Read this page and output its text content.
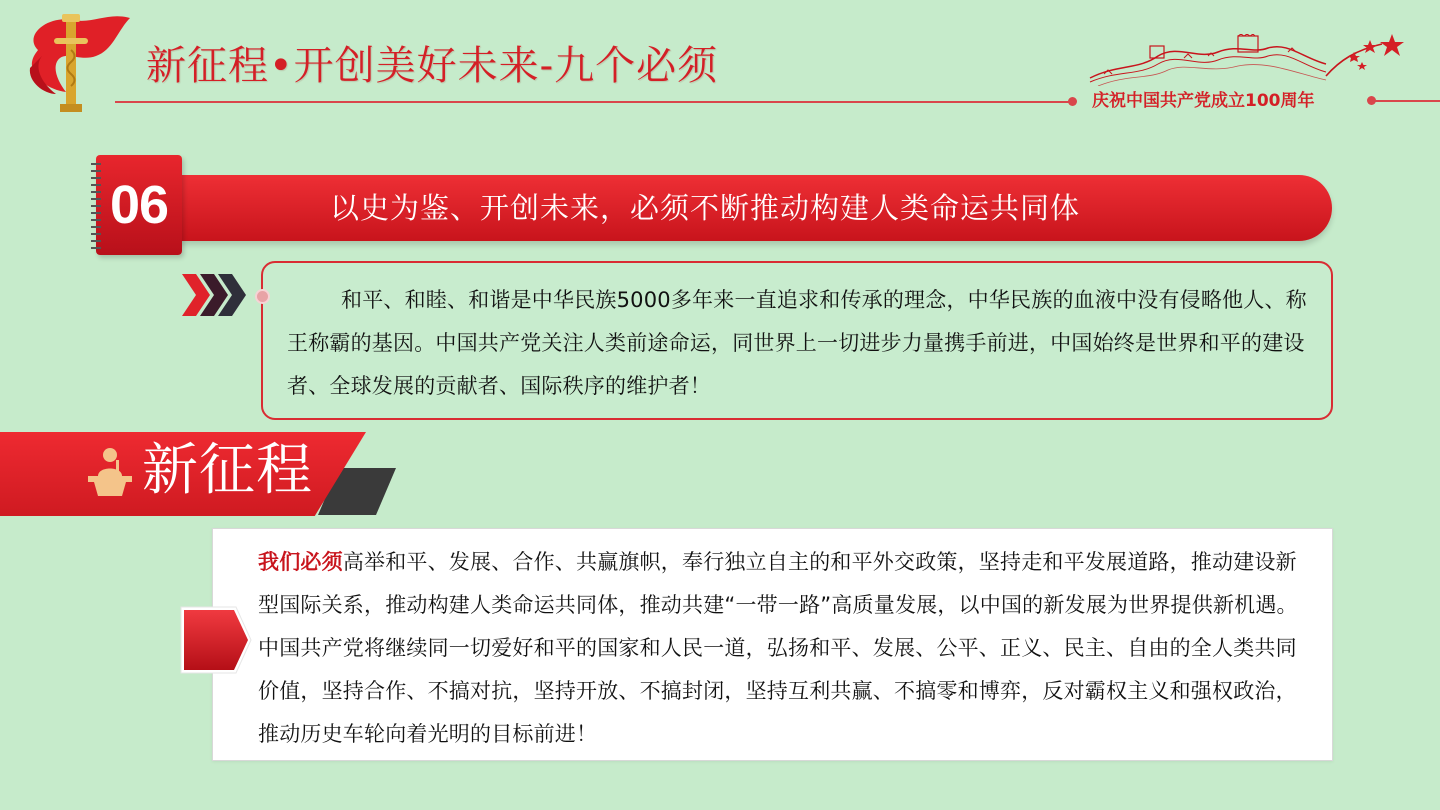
新征程•开创美好未来-九个必须
庆祝中国共产党成立100周年
06	以史为鉴、开创未来，必须不断推动构建人类命运共同体
和平、和睦、和谐是中华民族5000多年来一直追求和传承的理念，中华民族的血液中没有侵略他人、称王称霸的基因。中国共产党关注人类前途命运，同世界上一切进步力量携手前进，中国始终是世界和平的建设者、全球发展的贡献者、国际秩序的维护者！
新征程
我们必须高举和平、发展、合作、共赢旗帜，奉行独立自主的和平外交政策，坚持走和平发展道路，推动建设新型国际关系，推动构建人类命运共同体，推动共建“一带一路”高质量发展，以中国的新发展为世界提供新机遇。中国共产党将继续同一切爱好和平的国家和人民一道，弘扬和平、发展、公平、正义、民主、自由的全人类共同价值，坚持合作、不搞对抗，坚持开放、不搞封闭，坚持互利共赢、不搞零和博弈，反对霸权主义和强权政治，推动历史车轮向着光明的目标前进！
